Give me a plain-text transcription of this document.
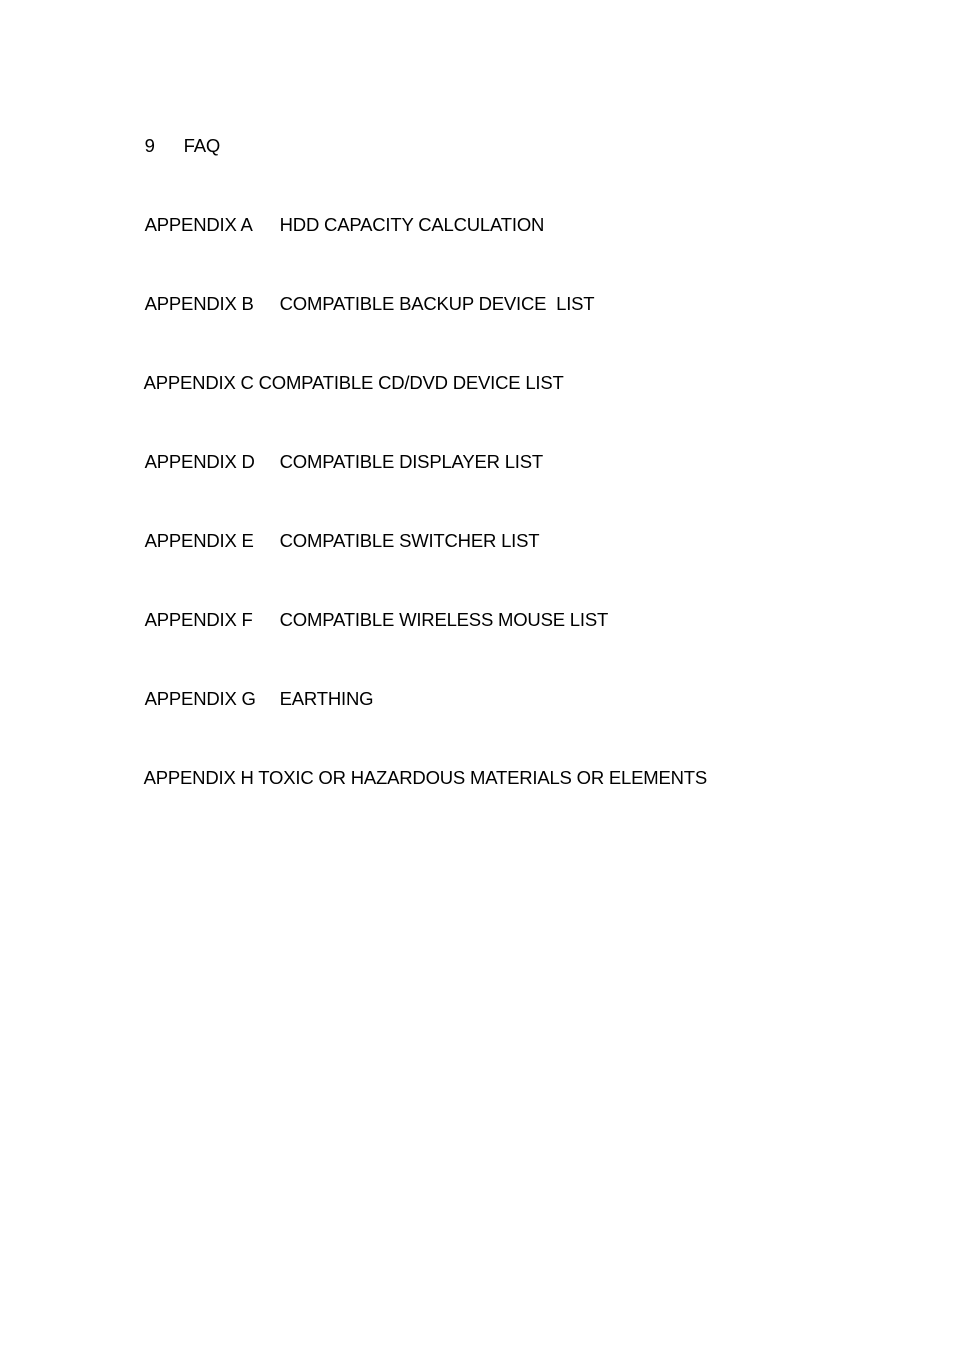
9 FAQ

APPENDIX A HDD CAPACITY CALCULATION

APPENDIX B COMPATIBLE BACKUP DEVICE  LIST

APPENDIX C COMPATIBLE CD/DVD DEVICE LIST

APPENDIX D COMPATIBLE DISPLAYER LIST

APPENDIX E COMPATIBLE SWITCHER LIST

APPENDIX F COMPATIBLE WIRELESS MOUSE LIST

APPENDIX G EARTHING

APPENDIX H TOXIC OR HAZARDOUS MATERIALS OR ELEMENTS
